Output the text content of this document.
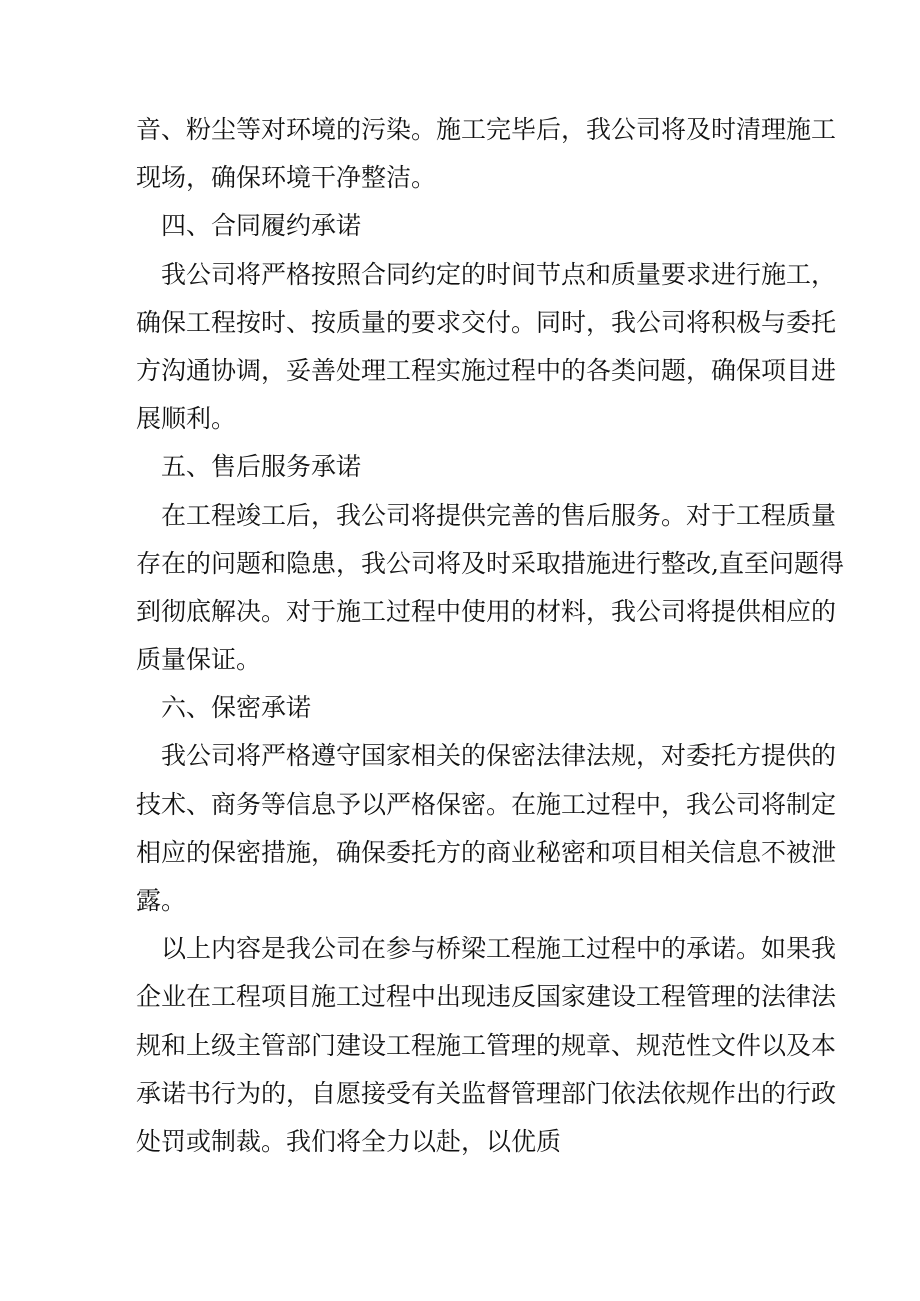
音、粉尘等对环境的污染。施工完毕后，我公司将及时清理施工
现场，确保环境干净整洁。
四、合同履约承诺
我公司将严格按照合同约定的时间节点和质量要求进行施工，
确保工程按时、按质量的要求交付。同时，我公司将积极与委托
方沟通协调，妥善处理工程实施过程中的各类问题，确保项目进
展顺利。
五、售后服务承诺
在工程竣工后，我公司将提供完善的售后服务。对于工程质量
存在的问题和隐患，我公司将及时采取措施进行整改,直至问题得
到彻底解决。对于施工过程中使用的材料，我公司将提供相应的
质量保证。
六、保密承诺
我公司将严格遵守国家相关的保密法律法规，对委托方提供的
技术、商务等信息予以严格保密。在施工过程中，我公司将制定
相应的保密措施，确保委托方的商业秘密和项目相关信息不被泄
露。
以上内容是我公司在参与桥梁工程施工过程中的承诺。如果我
企业在工程项目施工过程中出现违反国家建设工程管理的法律法
规和上级主管部门建设工程施工管理的规章、规范性文件以及本
承诺书行为的，自愿接受有关监督管理部门依法依规作出的行政
处罚或制裁。我们将全力以赴，以优质
